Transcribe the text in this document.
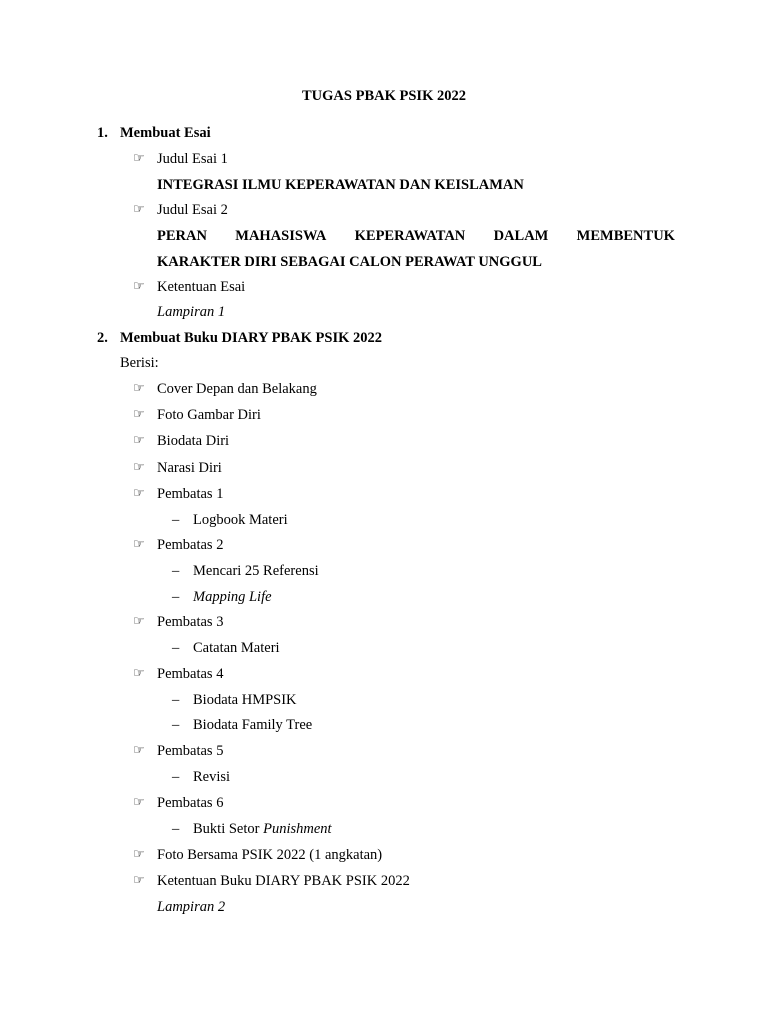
TUGAS PBAK PSIK 2022
1. Membuat Esai
☞ Judul Esai 1
INTEGRASI ILMU KEPERAWATAN DAN KEISLAMAN
☞ Judul Esai 2
PERAN MAHASISWA KEPERAWATAN DALAM MEMBENTUK
KARAKTER DIRI SEBAGAI CALON PERAWAT UNGGUL
☞ Ketentuan Esai
Lampiran 1
2. Membuat Buku DIARY PBAK PSIK 2022
Berisi:
☞ Cover Depan dan Belakang
☞ Foto Gambar Diri
☞ Biodata Diri
☞ Narasi Diri
☞ Pembatas 1
– Logbook Materi
☞ Pembatas 2
– Mencari 25 Referensi
– Mapping Life
☞ Pembatas 3
– Catatan Materi
☞ Pembatas 4
– Biodata HMPSIK
– Biodata Family Tree
☞ Pembatas 5
– Revisi
☞ Pembatas 6
– Bukti Setor Punishment
☞ Foto Bersama PSIK 2022 (1 angkatan)
☞ Ketentuan Buku DIARY PBAK PSIK 2022
Lampiran 2
